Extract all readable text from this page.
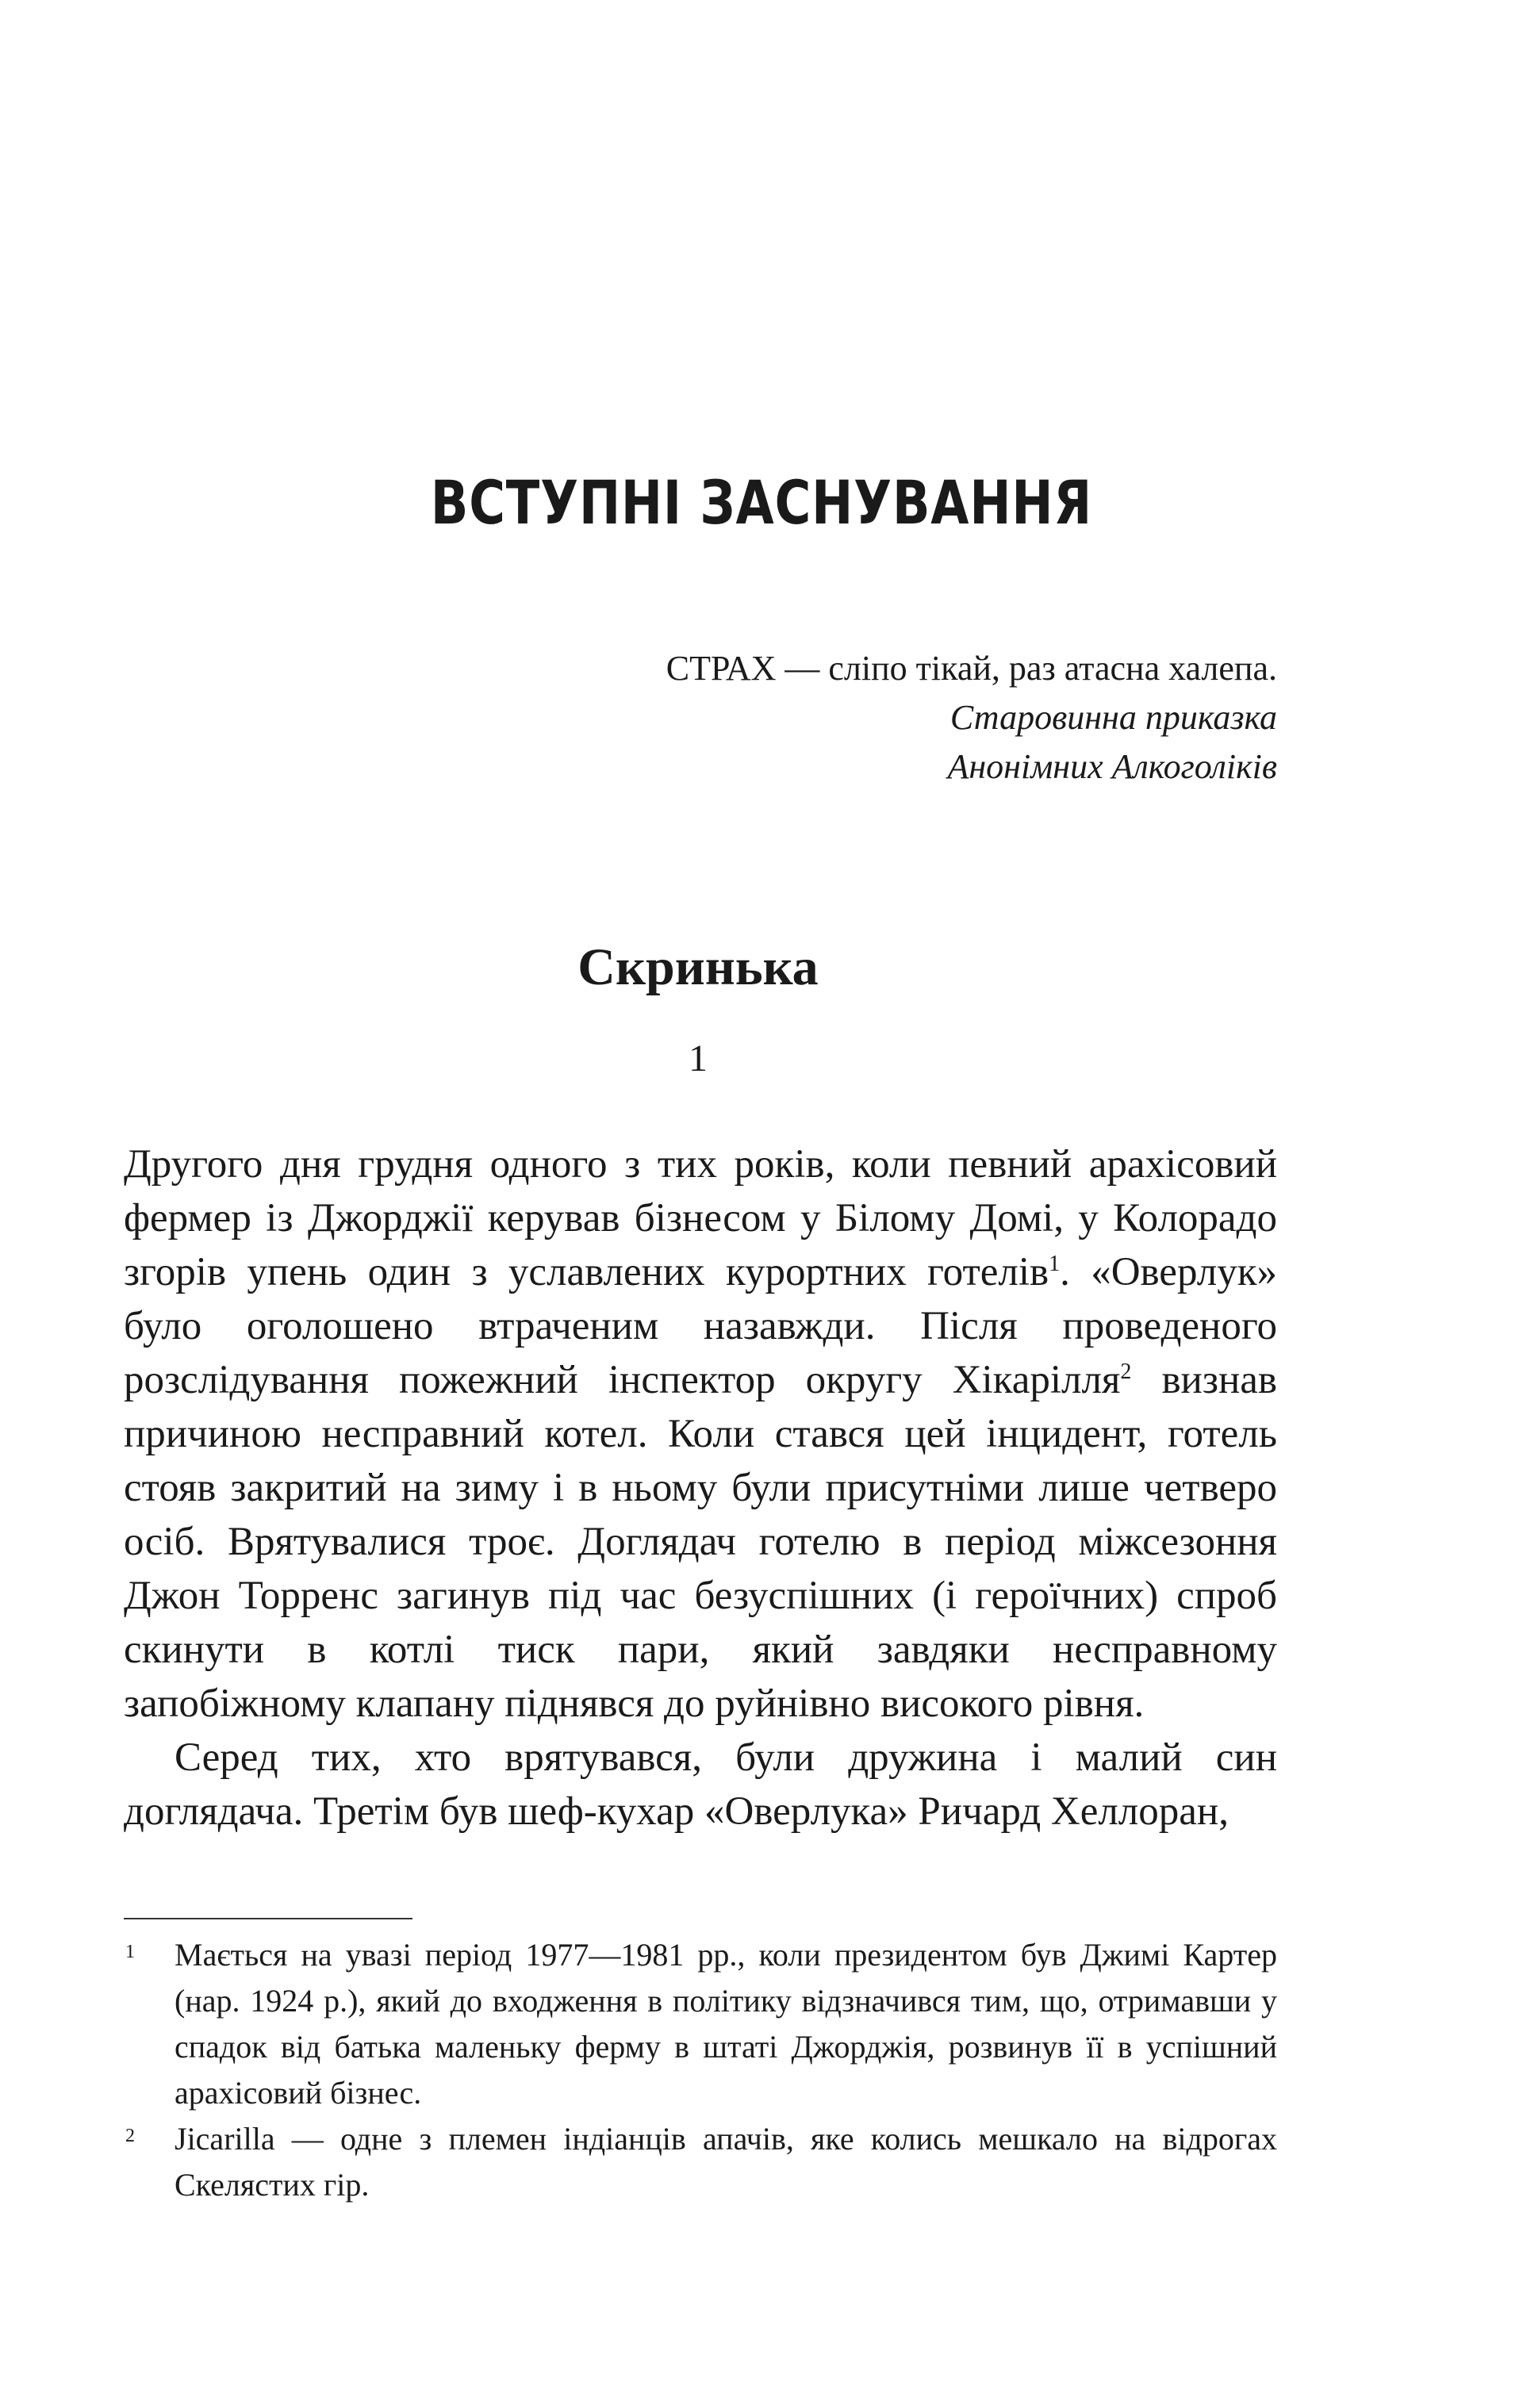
ВСТУПНІ ЗАСНУВАННЯ
СТРАХ — сліпо тікай, раз атасна халепа.
Старовинна приказка
Анонімних Алкоголіків
Скринька
1

Другого дня грудня одного з тих років, коли певний арахісовий фермер із Джорджії керував бізнесом у Білому Домі, у Колорадо згорів упень один з уславлених курортних готелів$^1$. «Оверлук» було оголошено втраченим назавжди. Після проведеного розслідування пожежний інспектор округу Хікарілля$^2$ визнав причиною несправний котел. Коли стався цей інцидент, готель стояв закритий на зиму і в ньому були присутніми лише четверо осіб. Врятувалися троє. Доглядач готелю в період міжсезоння Джон Торренс загинув під час безуспішних (і героїчних) спроб скинути в котлі тиск пари, який завдяки несправному запобіжному клапану піднявся до руйнівно високого рівня.

Серед тих, хто врятувався, були дружина і малий син доглядача. Третім був шеф-кухар «Оверлука» Ричард Хеллоран,

1 Мається на увазі період 1977—1981 рр., коли президентом був Джимі Картер (нар. 1924 р.), який до входження в політику відзначився тим, що, отримавши у спадок від батька маленьку ферму в штаті Джорджія, розвинув її в успішний арахісовий бізнес.

2 Jicarilla — одне з племен індіанців апачів, яке колись мешкало на відрогах Скелястих гір.
